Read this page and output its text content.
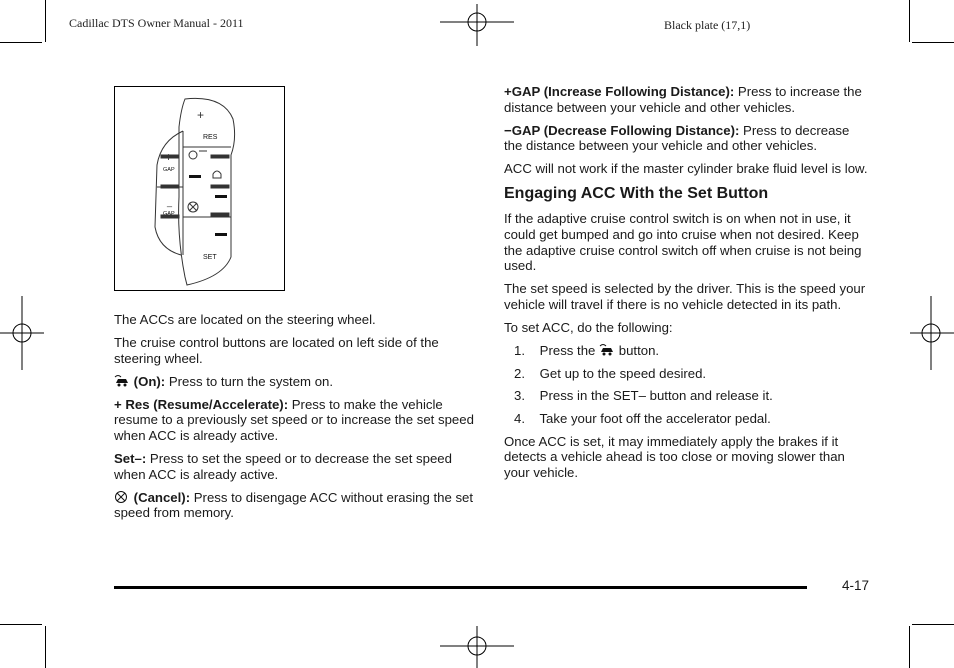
Cadillac DTS Owner Manual - 2011	Black plate (17,1)
+
RES
+
GAP
_
GAP
SET

The ACCs are located on the steering wheel.

The cruise control buttons are located on left side of the steering wheel.

(On): Press to turn the system on.

+ Res (Resume/Accelerate): Press to make the vehicle resume to a previously set speed or to increase the set speed when ACC is already active.

Set–: Press to set the speed or to decrease the set speed when ACC is already active.

(Cancel): Press to disengage ACC without erasing the set speed from memory.

+GAP (Increase Following Distance): Press to increase the distance between your vehicle and other vehicles.

−GAP (Decrease Following Distance): Press to decrease the distance between your vehicle and other vehicles.

ACC will not work if the master cylinder brake fluid level is low.

Engaging ACC With the Set Button

If the adaptive cruise control switch is on when not in use, it could get bumped and go into cruise when not desired. Keep the adaptive cruise control switch off when cruise is not being used.

The set speed is selected by the driver. This is the speed your vehicle will travel if there is no vehicle detected in its path.

To set ACC, do the following:

1. Press the button.
2. Get up to the speed desired.
3. Press in the SET– button and release it.
4. Take your foot off the accelerator pedal.

Once ACC is set, it may immediately apply the brakes if it detects a vehicle ahead is too close or moving slower than your vehicle.

4-17
